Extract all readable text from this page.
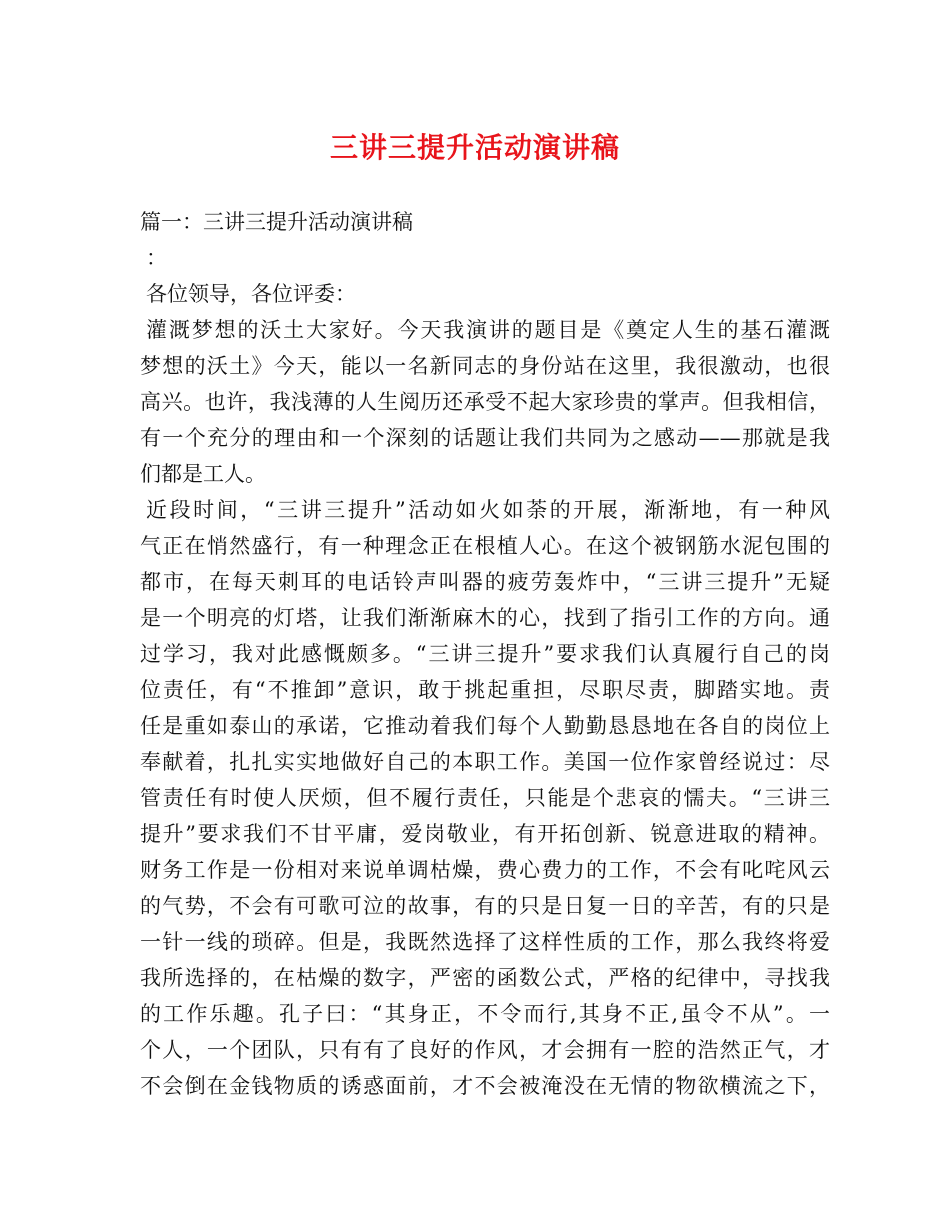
三讲三提升活动演讲稿
篇一：三讲三提升活动演讲稿
：
各位领导，各位评委：
灌溉梦想的沃土大家好。今天我演讲的题目是《奠定人生的基石灌溉
梦想的沃土》今天，能以一名新同志的身份站在这里，我很激动，也很
高兴。也许，我浅薄的人生阅历还承受不起大家珍贵的掌声。但我相信，
有一个充分的理由和一个深刻的话题让我们共同为之感动——那就是我
们都是工人。
近段时间，“三讲三提升”活动如火如荼的开展，渐渐地，有一种风
气正在悄然盛行，有一种理念正在根植人心。在这个被钢筋水泥包围的
都市，在每天刺耳的电话铃声叫器的疲劳轰炸中，“三讲三提升”无疑
是一个明亮的灯塔，让我们渐渐麻木的心，找到了指引工作的方向。通
过学习，我对此感慨颇多。“三讲三提升”要求我们认真履行自己的岗
位责任，有“不推卸”意识，敢于挑起重担，尽职尽责，脚踏实地。责
任是重如泰山的承诺，它推动着我们每个人勤勤恳恳地在各自的岗位上
奉献着，扎扎实实地做好自己的本职工作。美国一位作家曾经说过：尽
管责任有时使人厌烦，但不履行责任，只能是个悲哀的懦夫。“三讲三
提升”要求我们不甘平庸，爱岗敬业，有开拓创新、锐意进取的精神。
财务工作是一份相对来说单调枯燥，费心费力的工作，不会有叱咤风云
的气势，不会有可歌可泣的故事，有的只是日复一日的辛苦，有的只是
一针一线的琐碎。但是，我既然选择了这样性质的工作，那么我终将爱
我所选择的，在枯燥的数字，严密的函数公式，严格的纪律中，寻找我
的工作乐趣。孔子曰：“其身正，不令而行,其身不正,虽令不从”。一
个人，一个团队，只有有了良好的作风，才会拥有一腔的浩然正气，才
不会倒在金钱物质的诱惑面前，才不会被淹没在无情的物欲横流之下，
